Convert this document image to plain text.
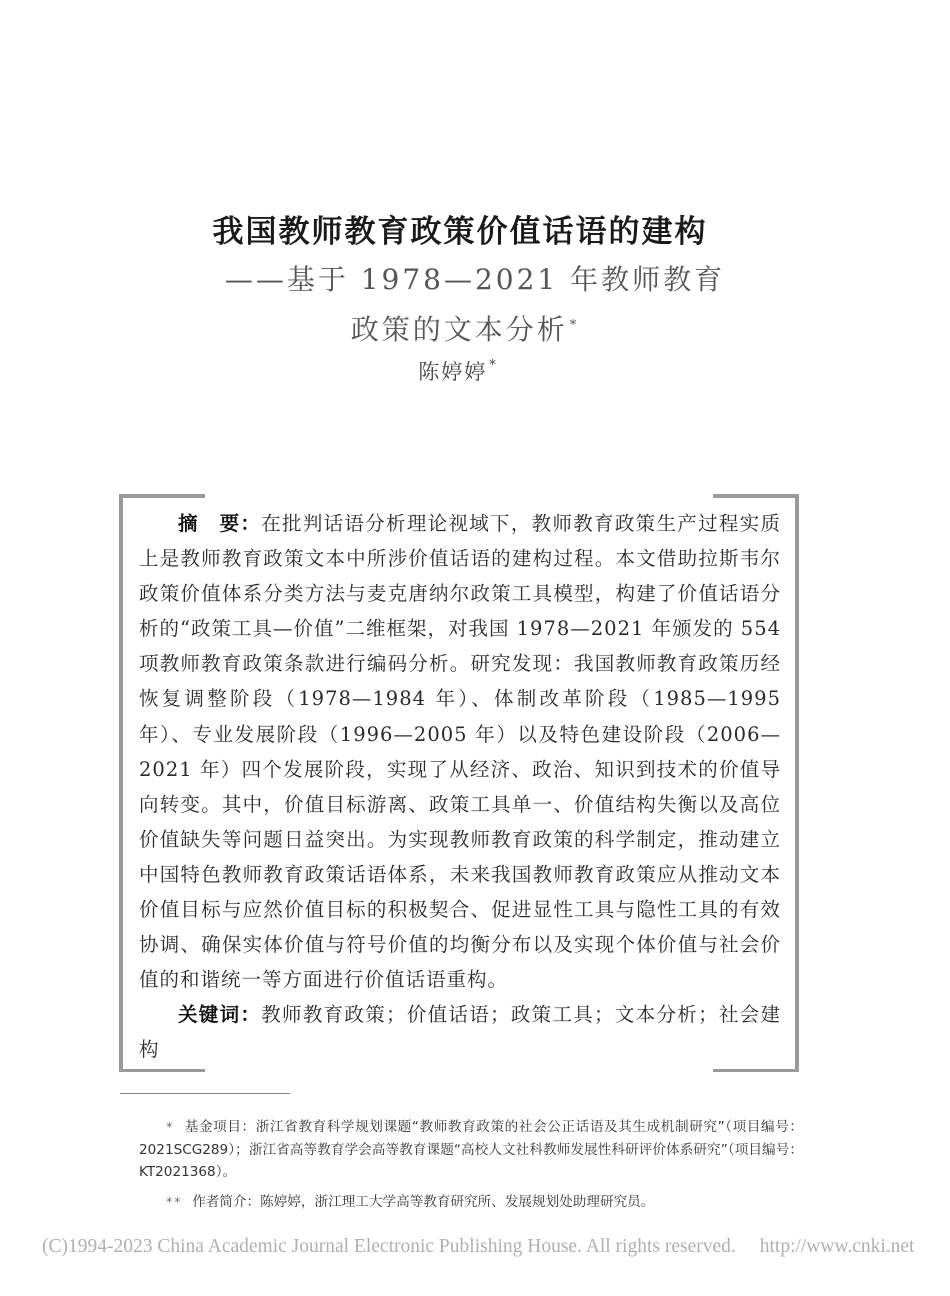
我国教师教育政策价值话语的建构
——基于 1978—2021 年教师教育
政策的文本分析 *
陈婷婷 *

摘　要：在批判话语分析理论视域下，教师教育政策生产过程实质上是教师教育政策文本中所涉价值话语的建构过程。本文借助拉斯韦尔政策价值体系分类方法与麦克唐纳尔政策工具模型，构建了价值话语分析的“政策工具—价值”二维框架，对我国 1978—2021 年颁发的 554 项教师教育政策条款进行编码分析。研究发现：我国教师教育政策历经恢复调整阶段（1978—1984 年）、体制改革阶段（1985—1995 年）、专业发展阶段（1996—2005 年）以及特色建设阶段（2006—2021 年）四个发展阶段，实现了从经济、政治、知识到技术的价值导向转变。其中，价值目标游离、政策工具单一、价值结构失衡以及高位价值缺失等问题日益突出。为实现教师教育政策的科学制定，推动建立中国特色教师教育政策话语体系，未来我国教师教育政策应从推动文本价值目标与应然价值目标的积极契合、促进显性工具与隐性工具的有效协调、确保实体价值与符号价值的均衡分布以及实现个体价值与社会价值的和谐统一等方面进行价值话语重构。

关键词：教师教育政策；价值话语；政策工具；文本分析；社会建构

* 基金项目：浙江省教育科学规划课题“教师教育政策的社会公正话语及其生成机制研究”（项目编号：2021SCG289）；浙江省高等教育学会高等教育课题“高校人文社科教师发展性科研评价体系研究”（项目编号：KT2021368）。

** 作者简介：陈婷婷，浙江理工大学高等教育研究所、发展规划处助理研究员。

(C)1994-2023 China Academic Journal Electronic Publishing House. All rights reserved. http://www.cnki.net
